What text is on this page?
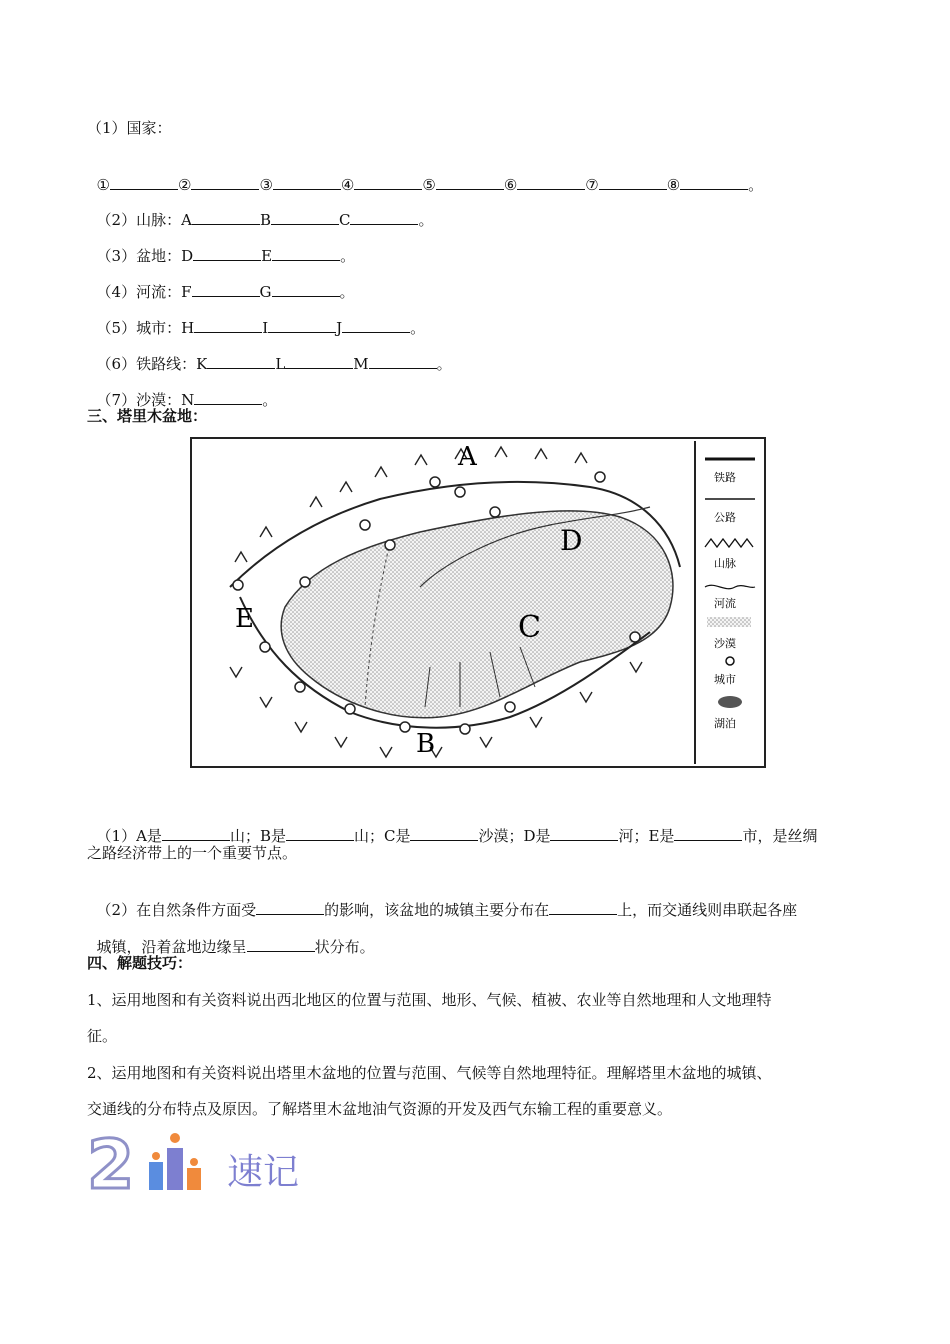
（1）国家：

①	②	③	④	⑤	⑥	⑦	⑧	。

（2）山脉：A	B	C	。

（3）盆地：D	E	。

（4）河流：F	G	。

（5）城市：H	I	J	。

（6）铁路线：K	L	M	。

（7）沙漠：N	。

三、塔里木盆地：
A
B
C
D
E
铁路
公路
山脉
河流
沙漠
城市
湖泊

（1）A是	山；B是	山；C是	沙漠；D是	河；E是	市，是丝绸

之路经济带上的一个重要节点。

（2）在自然条件方面受	的影响，该盆地的城镇主要分布在	上，而交通线则串联起各座

城镇，沿着盆地边缘呈	状分布。

四、解题技巧：
1、运用地图和有关资料说出西北地区的位置与范围、地形、气候、植被、农业等自然地理和人文地理特
征。
2、运用地图和有关资料说出塔里木盆地的位置与范围、气候等自然地理特征。理解塔里木盆地的城镇、
交通线的分布特点及原因。了解塔里木盆地油气资源的开发及西气东输工程的重要意义。
2	速记
